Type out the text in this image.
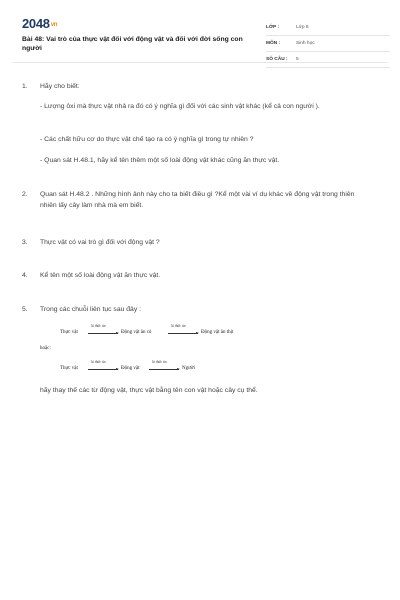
2048vn
Bài 48: Vai trò của thực vật đối với động vật và đối với đời sống con người
LỚP :	Lớp 6
MÔN :	Sinh học
SỐ CÂU : 5
1. Hãy cho biết:
- Lượng ôxi mà thực vật nhả ra đó có ý nghĩa gì đối với các sinh vật khác (kể cả con người ).
- Các chất hữu cơ do thực vật chế tạo ra có ý nghĩa gì trong tự nhiên ?
- Quan sát H.48.1, hãy kể tên thêm một số loài động vật khác cũng ăn thực vật.
2. Quan sát H.48.2 . Những hình ảnh này cho ta biết điều gì ?Kể một vài ví dụ khác về động vật trong thiên nhiên lấy cây làm nhà mà em biết.
3. Thực vật có vai trò gì đối với động vật ?
4. Kể tên một số loài động vật ăn thực vật.
5. Trong các chuỗi liên tục sau đây :
Thực vật
là thức ăn
Động vật ăn cỏ
là thức ăn
Động vật ăn thịt
hoặc:
Thực vật
là thức ăn
Động vật
là thức ăn
Người
hãy thay thế các từ động vật, thực vật bằng tên con vật hoặc cây cụ thể.
